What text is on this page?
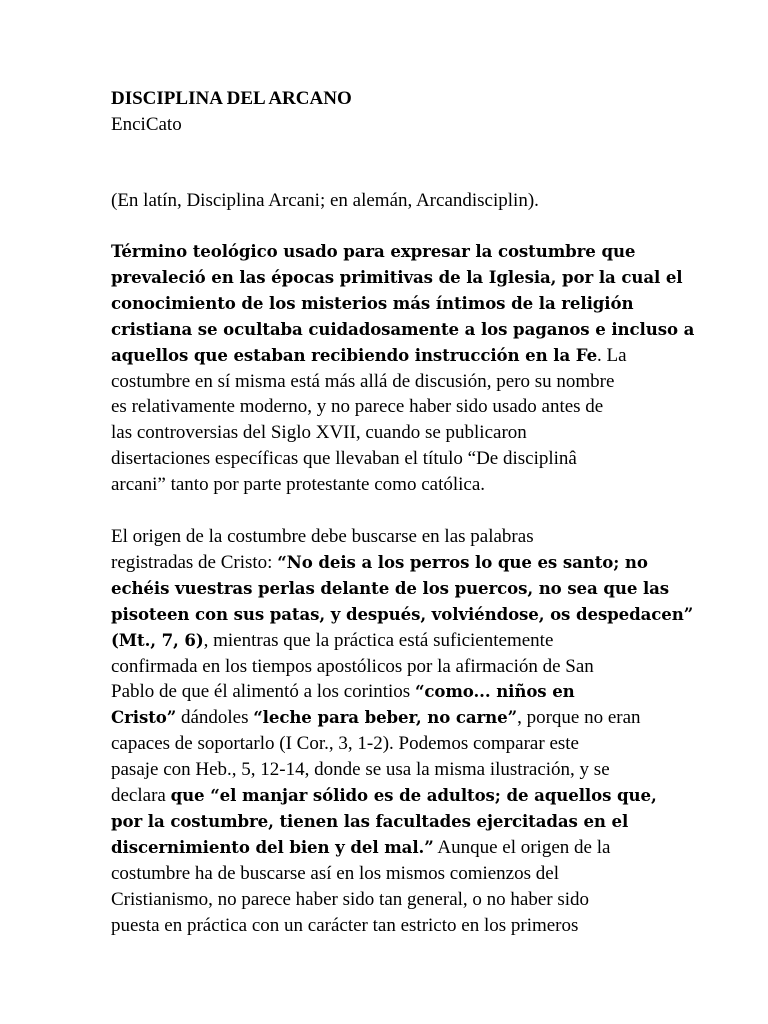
DISCIPLINA DEL ARCANO

EnciCato

(En latín, Disciplina Arcani; en alemán, Arcandisciplin).

Término teológico usado para expresar la costumbre que
prevaleció en las épocas primitivas de la Iglesia, por la cual el
conocimiento de los misterios más íntimos de la religión
cristiana se ocultaba cuidadosamente a los paganos e incluso a
aquellos que estaban recibiendo instrucción en la Fe. La
costumbre en sí misma está más allá de discusión, pero su nombre
es relativamente moderno, y no parece haber sido usado antes de
las controversias del Siglo XVII, cuando se publicaron
disertaciones específicas que llevaban el título “De disciplinâ
arcani” tanto por parte protestante como católica.
El origen de la costumbre debe buscarse en las palabras
registradas de Cristo: “No deis a los perros lo que es santo; no
echéis vuestras perlas delante de los puercos, no sea que las
pisoteen con sus patas, y después, volviéndose, os despedacen”
(Mt., 7, 6), mientras que la práctica está suficientemente
confirmada en los tiempos apostólicos por la afirmación de San
Pablo de que él alimentó a los corintios “como... niños en
Cristo” dándoles “leche para beber, no carne”, porque no eran
capaces de soportarlo (I Cor., 3, 1-2). Podemos comparar este
pasaje con Heb., 5, 12-14, donde se usa la misma ilustración, y se
declara que “el manjar sólido es de adultos; de aquellos que,
por la costumbre, tienen las facultades ejercitadas en el
discernimiento del bien y del mal.” Aunque el origen de la
costumbre ha de buscarse así en los mismos comienzos del
Cristianismo, no parece haber sido tan general, o no haber sido
puesta en práctica con un carácter tan estricto en los primeros
